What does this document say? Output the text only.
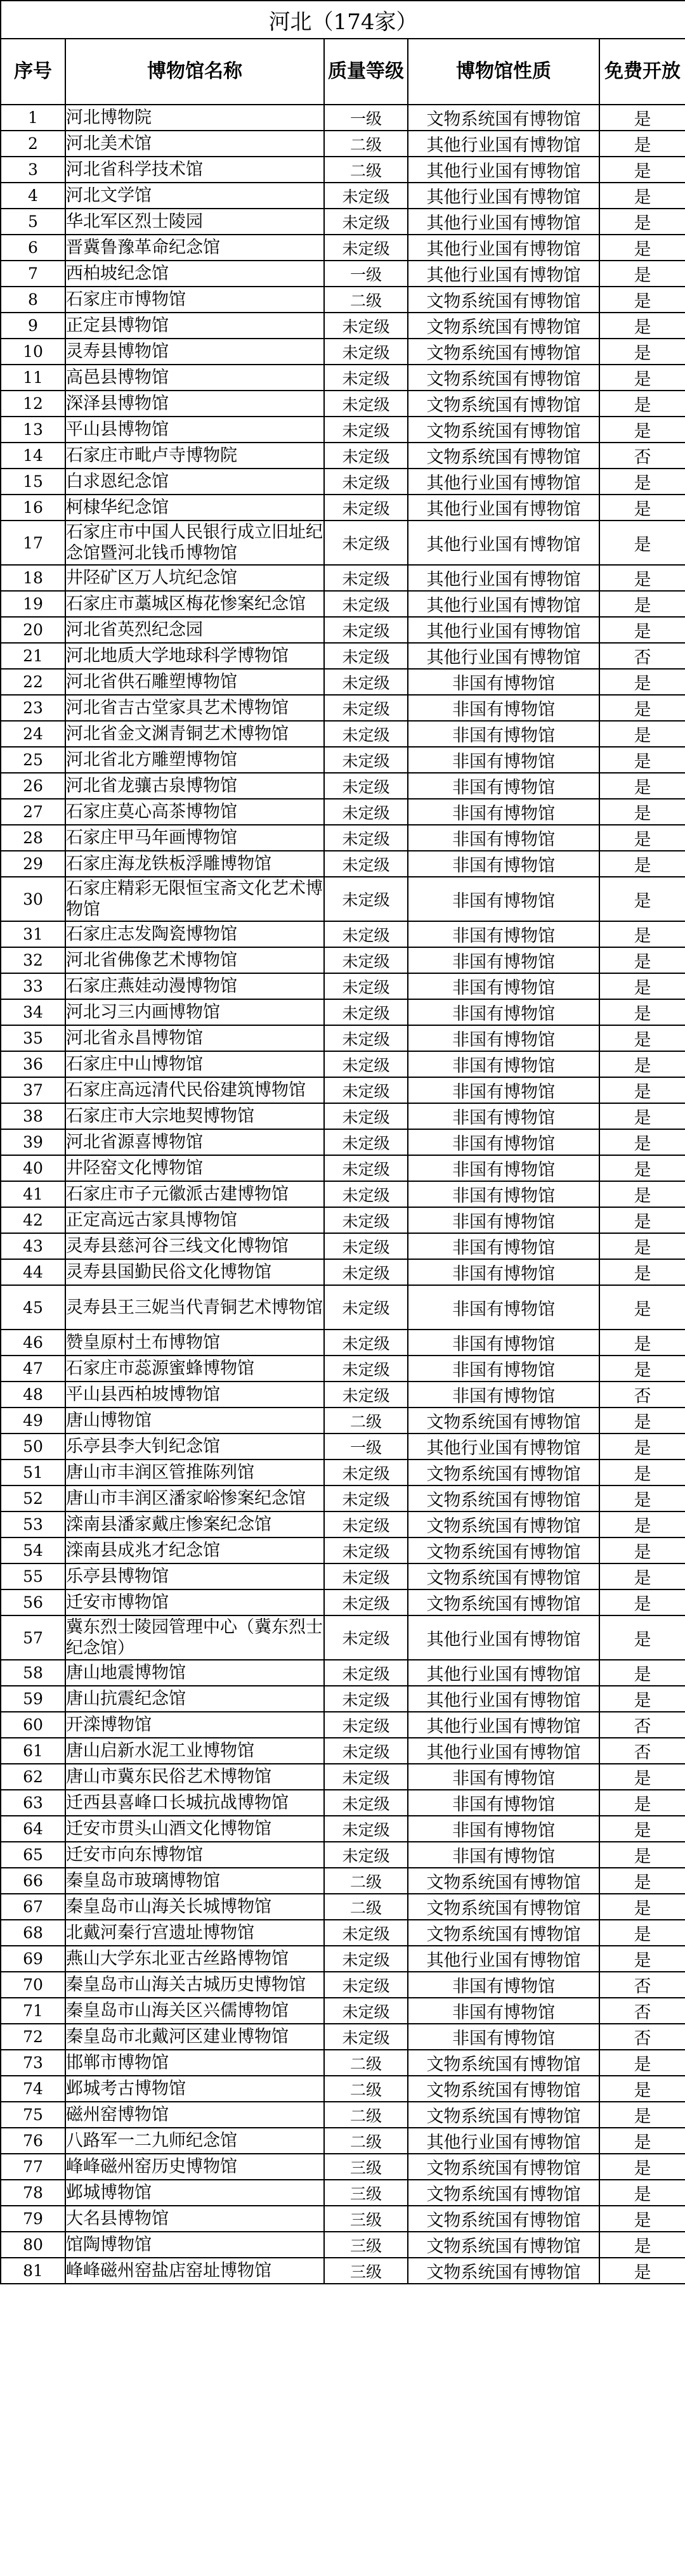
河北（174家）				
序号	博物馆名称	质量等级	博物馆性质	免费开放
1	河北博物院	一级	文物系统国有博物馆	是
2	河北美术馆	二级	其他行业国有博物馆	是
3	河北省科学技术馆	二级	其他行业国有博物馆	是
4	河北文学馆	未定级	其他行业国有博物馆	是
5	华北军区烈士陵园	未定级	其他行业国有博物馆	是
6	晋冀鲁豫革命纪念馆	未定级	其他行业国有博物馆	是
7	西柏坡纪念馆	一级	其他行业国有博物馆	是
8	石家庄市博物馆	二级	文物系统国有博物馆	是
9	正定县博物馆	未定级	文物系统国有博物馆	是
10	灵寿县博物馆	未定级	文物系统国有博物馆	是
11	高邑县博物馆	未定级	文物系统国有博物馆	是
12	深泽县博物馆	未定级	文物系统国有博物馆	是
13	平山县博物馆	未定级	文物系统国有博物馆	是
14	石家庄市毗卢寺博物院	未定级	文物系统国有博物馆	否
15	白求恩纪念馆	未定级	其他行业国有博物馆	是
16	柯棣华纪念馆	未定级	其他行业国有博物馆	是
17	石家庄市中国人民银行成立旧址纪念馆暨河北钱币博物馆	未定级	其他行业国有博物馆	是
18	井陉矿区万人坑纪念馆	未定级	其他行业国有博物馆	是
19	石家庄市藁城区梅花惨案纪念馆	未定级	其他行业国有博物馆	是
20	河北省英烈纪念园	未定级	其他行业国有博物馆	是
21	河北地质大学地球科学博物馆	未定级	其他行业国有博物馆	否
22	河北省供石雕塑博物馆	未定级	非国有博物馆	是
23	河北省吉古堂家具艺术博物馆	未定级	非国有博物馆	是
24	河北省金文渊青铜艺术博物馆	未定级	非国有博物馆	是
25	河北省北方雕塑博物馆	未定级	非国有博物馆	是
26	河北省龙骧古泉博物馆	未定级	非国有博物馆	是
27	石家庄莫心高茶博物馆	未定级	非国有博物馆	是
28	石家庄甲马年画博物馆	未定级	非国有博物馆	是
29	石家庄海龙铁板浮雕博物馆	未定级	非国有博物馆	是
30	石家庄精彩无限恒宝斋文化艺术博物馆	未定级	非国有博物馆	是
31	石家庄志发陶瓷博物馆	未定级	非国有博物馆	是
32	河北省佛像艺术博物馆	未定级	非国有博物馆	是
33	石家庄燕娃动漫博物馆	未定级	非国有博物馆	是
34	河北习三内画博物馆	未定级	非国有博物馆	是
35	河北省永昌博物馆	未定级	非国有博物馆	是
36	石家庄中山博物馆	未定级	非国有博物馆	是
37	石家庄高远清代民俗建筑博物馆	未定级	非国有博物馆	是
38	石家庄市大宗地契博物馆	未定级	非国有博物馆	是
39	河北省源喜博物馆	未定级	非国有博物馆	是
40	井陉窑文化博物馆	未定级	非国有博物馆	是
41	石家庄市子元徽派古建博物馆	未定级	非国有博物馆	是
42	正定高远古家具博物馆	未定级	非国有博物馆	是
43	灵寿县慈河谷三线文化博物馆	未定级	非国有博物馆	是
44	灵寿县国勤民俗文化博物馆	未定级	非国有博物馆	是
45	灵寿县王三妮当代青铜艺术博物馆	未定级	非国有博物馆	是
46	赞皇原村土布博物馆	未定级	非国有博物馆	是
47	石家庄市蕊源蜜蜂博物馆	未定级	非国有博物馆	是
48	平山县西柏坡博物馆	未定级	非国有博物馆	否
49	唐山博物馆	二级	文物系统国有博物馆	是
50	乐亭县李大钊纪念馆	一级	其他行业国有博物馆	是
51	唐山市丰润区管推陈列馆	未定级	文物系统国有博物馆	是
52	唐山市丰润区潘家峪惨案纪念馆	未定级	文物系统国有博物馆	是
53	滦南县潘家戴庄惨案纪念馆	未定级	文物系统国有博物馆	是
54	滦南县成兆才纪念馆	未定级	文物系统国有博物馆	是
55	乐亭县博物馆	未定级	文物系统国有博物馆	是
56	迁安市博物馆	未定级	文物系统国有博物馆	是
57	冀东烈士陵园管理中心（冀东烈士纪念馆）	未定级	其他行业国有博物馆	是
58	唐山地震博物馆	未定级	其他行业国有博物馆	是
59	唐山抗震纪念馆	未定级	其他行业国有博物馆	是
60	开滦博物馆	未定级	其他行业国有博物馆	否
61	唐山启新水泥工业博物馆	未定级	其他行业国有博物馆	否
62	唐山市冀东民俗艺术博物馆	未定级	非国有博物馆	是
63	迁西县喜峰口长城抗战博物馆	未定级	非国有博物馆	是
64	迁安市贯头山酒文化博物馆	未定级	非国有博物馆	是
65	迁安市向东博物馆	未定级	非国有博物馆	是
66	秦皇岛市玻璃博物馆	二级	文物系统国有博物馆	是
67	秦皇岛市山海关长城博物馆	二级	文物系统国有博物馆	是
68	北戴河秦行宫遗址博物馆	未定级	文物系统国有博物馆	是
69	燕山大学东北亚古丝路博物馆	未定级	其他行业国有博物馆	是
70	秦皇岛市山海关古城历史博物馆	未定级	非国有博物馆	否
71	秦皇岛市山海关区兴儒博物馆	未定级	非国有博物馆	否
72	秦皇岛市北戴河区建业博物馆	未定级	非国有博物馆	否
73	邯郸市博物馆	二级	文物系统国有博物馆	是
74	邺城考古博物馆	二级	文物系统国有博物馆	是
75	磁州窑博物馆	二级	文物系统国有博物馆	是
76	八路军一二九师纪念馆	二级	其他行业国有博物馆	是
77	峰峰磁州窑历史博物馆	三级	文物系统国有博物馆	是
78	邺城博物馆	三级	文物系统国有博物馆	是
79	大名县博物馆	三级	文物系统国有博物馆	是
80	馆陶博物馆	三级	文物系统国有博物馆	是
81	峰峰磁州窑盐店窑址博物馆	三级	文物系统国有博物馆	是
